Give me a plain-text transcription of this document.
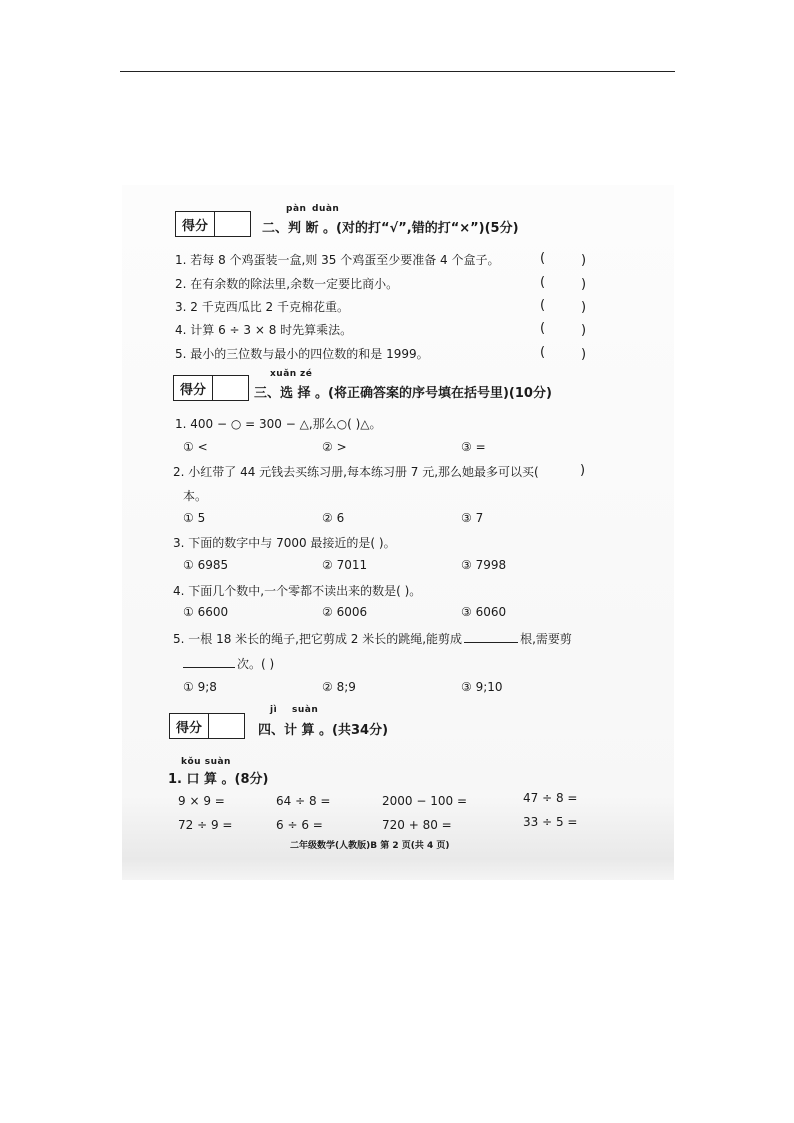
得分
pàn duàn
二、判 断 。(对的打“√”,错的打“×”)(5分)
1. 若每 8 个鸡蛋装一盒,则 35 个鸡蛋至少要准备 4 个盒子。	(	)
2. 在有余数的除法里,余数一定要比商小。	(	)
3. 2 千克西瓜比 2 千克棉花重。	(	)
4. 计算 6 ÷ 3 × 8 时先算乘法。	(	)
5. 最小的三位数与最小的四位数的和是 1999。	(	)
得分
xuǎn zé
三、选 择 。(将正确答案的序号填在括号里)(10分)
1. 400 − ○ = 300 − △,那么○( )△。
① <	② >	③ =
2. 小红带了 44 元钱去买练习册,每本练习册 7 元,那么她最多可以买(	)
本。
① 5	② 6	③ 7
3. 下面的数字中与 7000 最接近的是( )。
① 6985	② 7011	③ 7998
4. 下面几个数中,一个零都不读出来的数是( )。
① 6600	② 6006	③ 6060
5. 一根 18 米长的绳子,把它剪成 2 米长的跳绳,能剪成	根,需要剪
次。( )
① 9;8	② 8;9	③ 9;10
得分
jì suàn
四、计 算 。(共34分)
kǒu suàn
1. 口 算 。(8分)
9 × 9 =	64 ÷ 8 =	2000 − 100 =	47 ÷ 8 =
72 ÷ 9 =	6 ÷ 6 =	720 + 80 =	33 ÷ 5 =
二年级数学(人教版)B 第 2 页(共 4 页)
